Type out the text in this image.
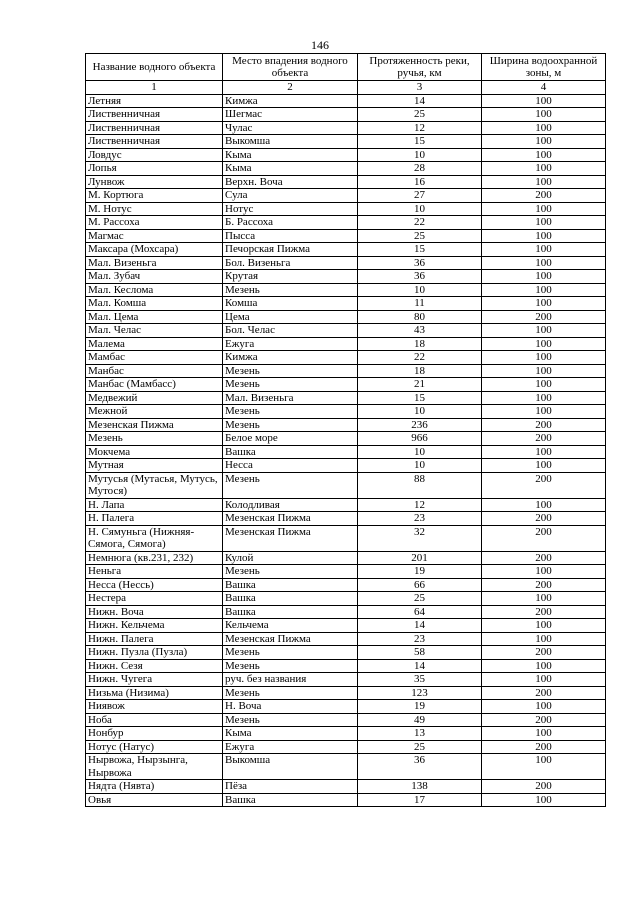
146
Название водного объекта	Место впадения водного объекта	Протяженность реки, ручья, км	Ширина водоохранной зоны, м
1	2	3	4
Летняя	Кимжа	14	100
Лиственничная	Шегмас	25	100
Лиственничная	Чулас	12	100
Лиственничная	Выкомша	15	100
Ловдус	Кыма	10	100
Лопья	Кыма	28	100
Лунвож	Верхн. Воча	16	100
М. Кортюга	Сула	27	200
М. Нотус	Нотус	10	100
М. Рассоха	Б. Рассоха	22	100
Магмас	Пысса	25	100
Максара (Мохсара)	Печорская Пижма	15	100
Мал. Визеньга	Бол. Визеньга	36	100
Мал. Зубач	Крутая	36	100
Мал. Кеслома	Мезень	10	100
Мал. Комша	Комша	11	100
Мал. Цема	Цема	80	200
Мал. Челас	Бол. Челас	43	100
Малема	Ежуга	18	100
Мамбас	Кимжа	22	100
Манбас	Мезень	18	100
Манбас (Мамбасс)	Мезень	21	100
Медвежий	Мал. Визеньга	15	100
Межной	Мезень	10	100
Мезенская Пижма	Мезень	236	200
Мезень	Белое море	966	200
Мокчема	Вашка	10	100
Мутная	Несса	10	100
Мутусья (Мутасья, Мутусь, Мутося)	Мезень	88	200
Н. Лапа	Колодливая	12	100
Н. Палега	Мезенская Пижма	23	200
Н. Сямуньга (Нижняя-Сямога, Сямога)	Мезенская Пижма	32	200
Немнюга (кв.231, 232)	Кулой	201	200
Неньга	Мезень	19	100
Несса (Нессь)	Вашка	66	200
Нестера	Вашка	25	100
Нижн. Воча	Вашка	64	200
Нижн. Кельчема	Кельчема	14	100
Нижн. Палега	Мезенская Пижма	23	100
Нижн. Пузла (Пузла)	Мезень	58	200
Нижн. Сезя	Мезень	14	100
Нижн. Чугега	руч. без названия	35	100
Низьма (Низима)	Мезень	123	200
Ниявож	Н. Воча	19	100
Ноба	Мезень	49	200
Нонбур	Кыма	13	100
Нотус (Натус)	Ежуга	25	200
Нырвожа, Нырзынга, Нырвожа	Выкомша	36	100
Нядта (Нявта)	Пёза	138	200
Овья	Вашка	17	100
